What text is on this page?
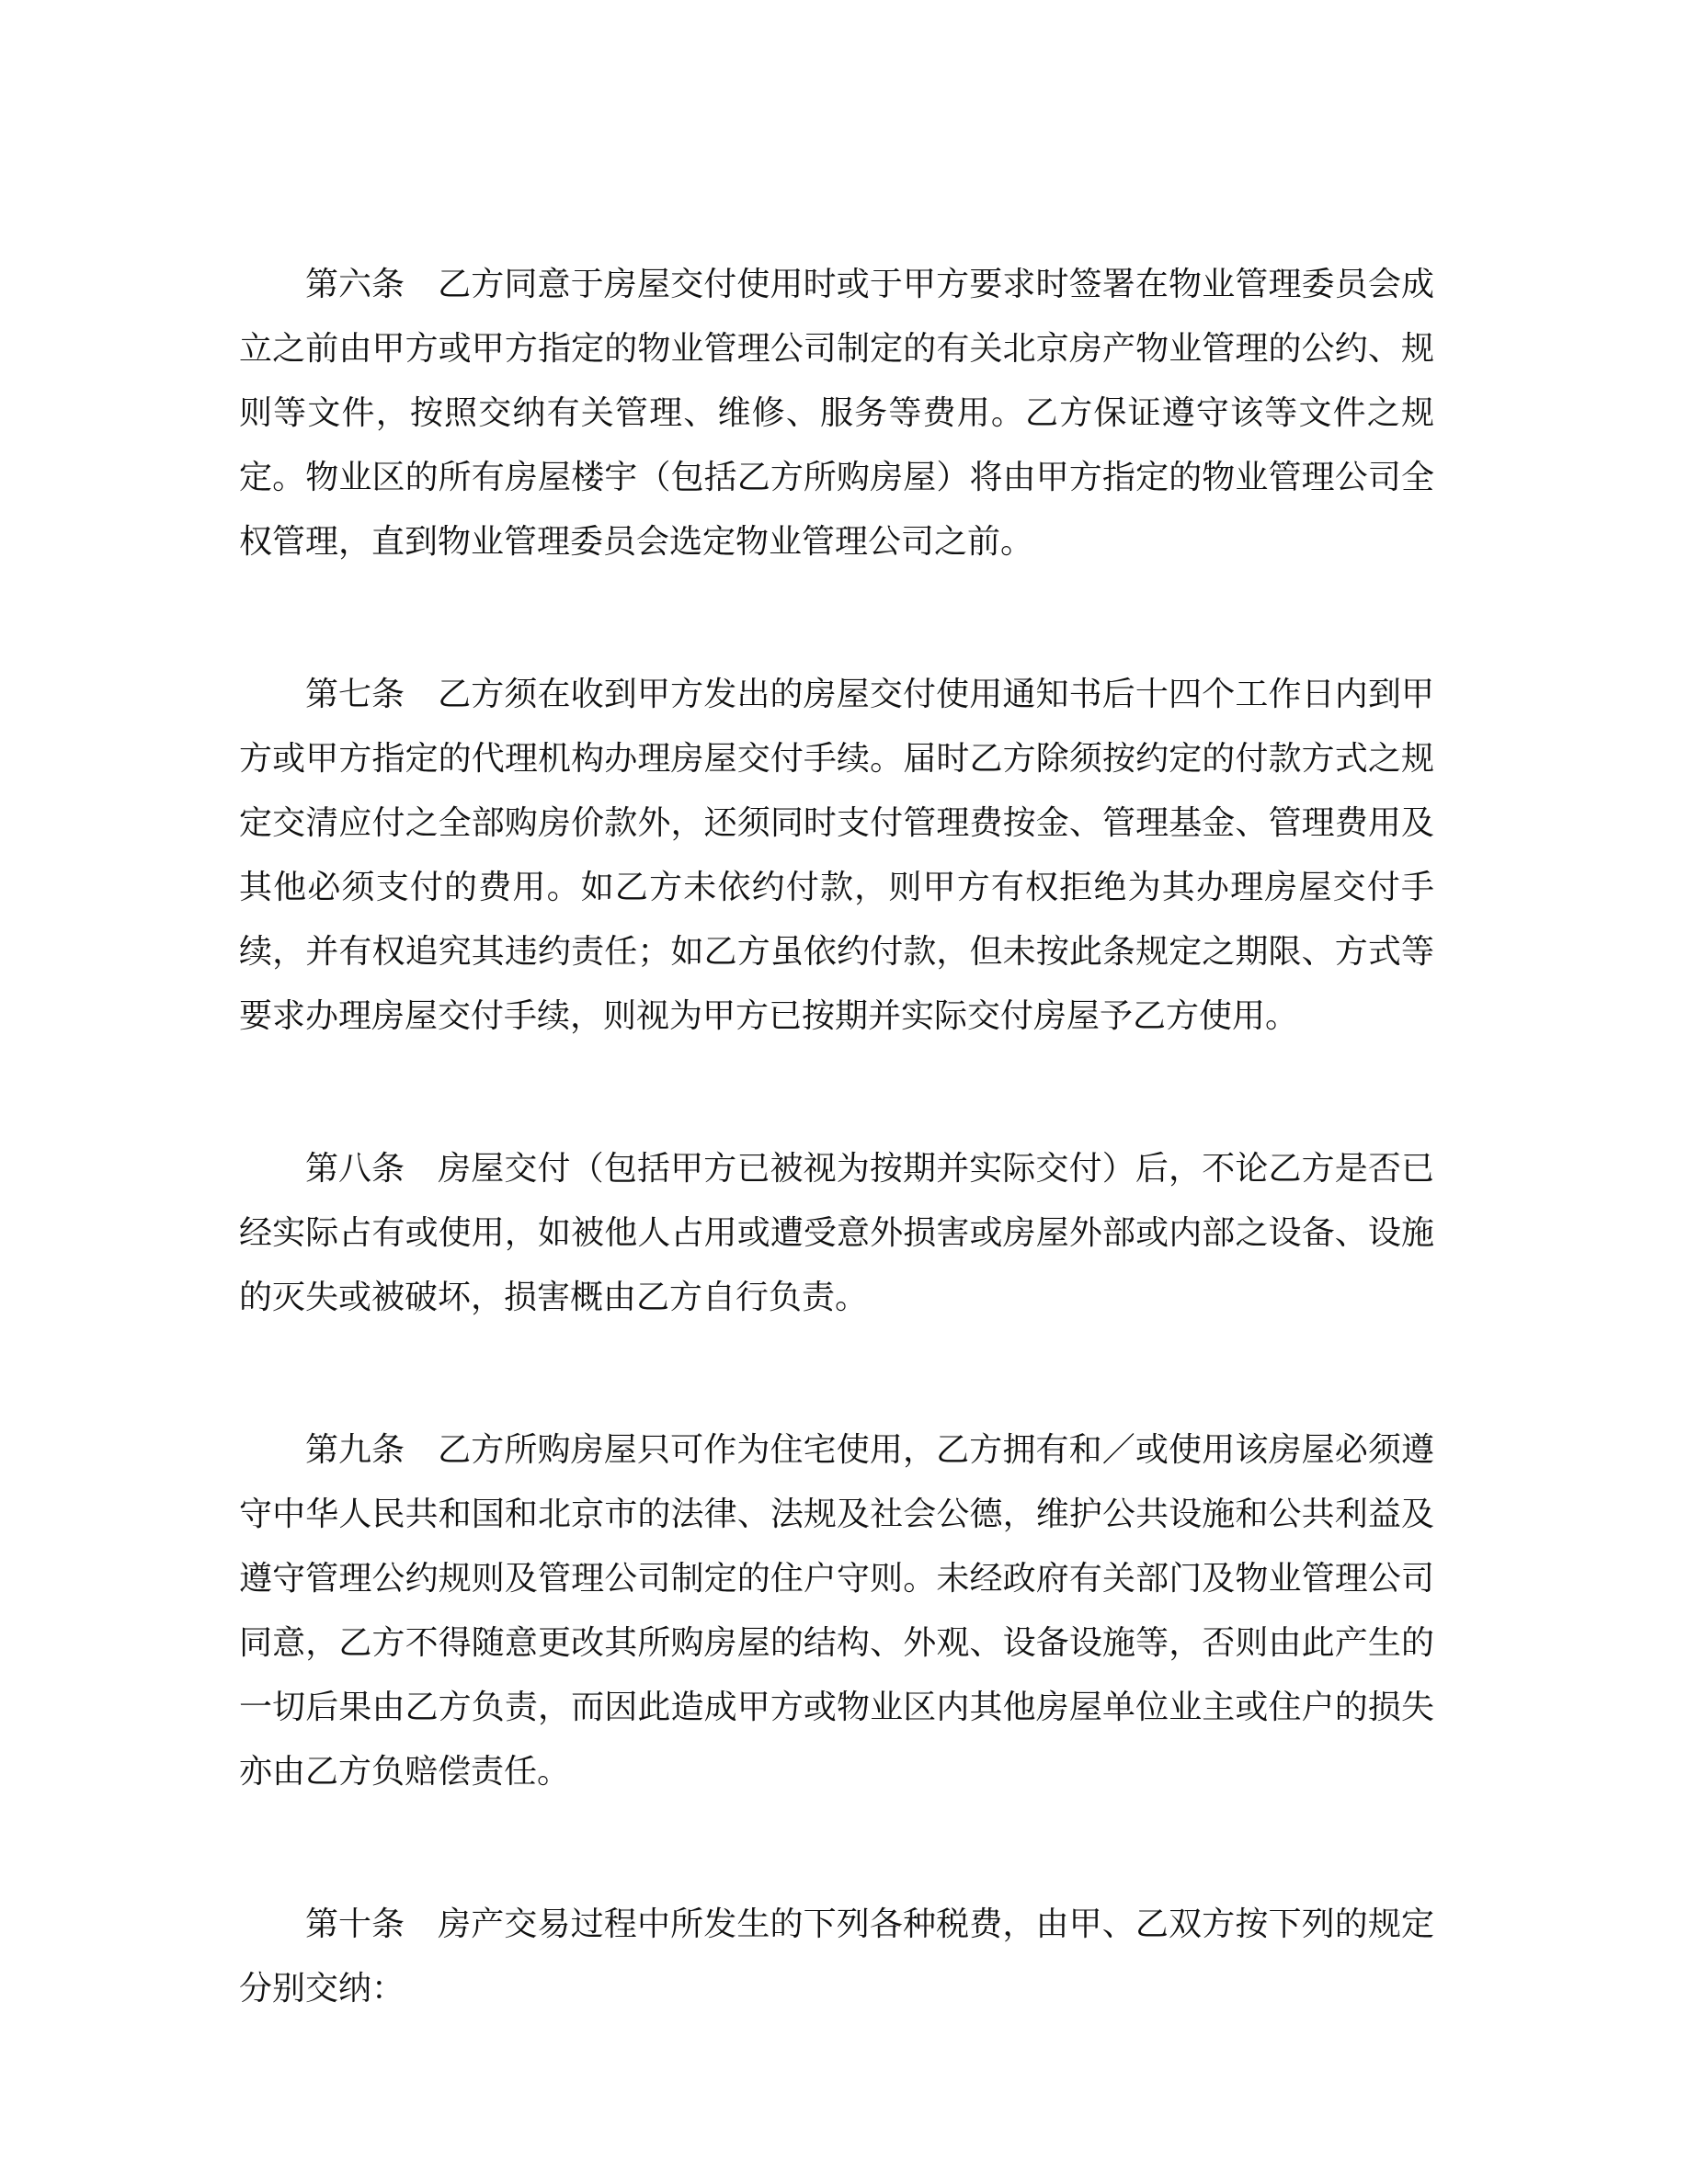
第六条 乙方同意于房屋交付使用时或于甲方要求时签署在物业管理委员会成立之前由甲方或甲方指定的物业管理公司制定的有关北京房产物业管理的公约、规则等文件，按照交纳有关管理、维修、服务等费用。乙方保证遵守该等文件之规定。物业区的所有房屋楼宇（包括乙方所购房屋）将由甲方指定的物业管理公司全权管理，直到物业管理委员会选定物业管理公司之前。

第七条 乙方须在收到甲方发出的房屋交付使用通知书后十四个工作日内到甲方或甲方指定的代理机构办理房屋交付手续。届时乙方除须按约定的付款方式之规定交清应付之全部购房价款外，还须同时支付管理费按金、管理基金、管理费用及其他必须支付的费用。如乙方未依约付款，则甲方有权拒绝为其办理房屋交付手续，并有权追究其违约责任；如乙方虽依约付款，但未按此条规定之期限、方式等要求办理房屋交付手续，则视为甲方已按期并实际交付房屋予乙方使用。

第八条 房屋交付（包括甲方已被视为按期并实际交付）后，不论乙方是否已经实际占有或使用，如被他人占用或遭受意外损害或房屋外部或内部之设备、设施的灭失或被破坏，损害概由乙方自行负责。

第九条 乙方所购房屋只可作为住宅使用，乙方拥有和／或使用该房屋必须遵守中华人民共和国和北京市的法律、法规及社会公德，维护公共设施和公共利益及遵守管理公约规则及管理公司制定的住户守则。未经政府有关部门及物业管理公司同意，乙方不得随意更改其所购房屋的结构、外观、设备设施等，否则由此产生的一切后果由乙方负责，而因此造成甲方或物业区内其他房屋单位业主或住户的损失亦由乙方负赔偿责任。

第十条 房产交易过程中所发生的下列各种税费，由甲、乙双方按下列的规定分别交纳：
